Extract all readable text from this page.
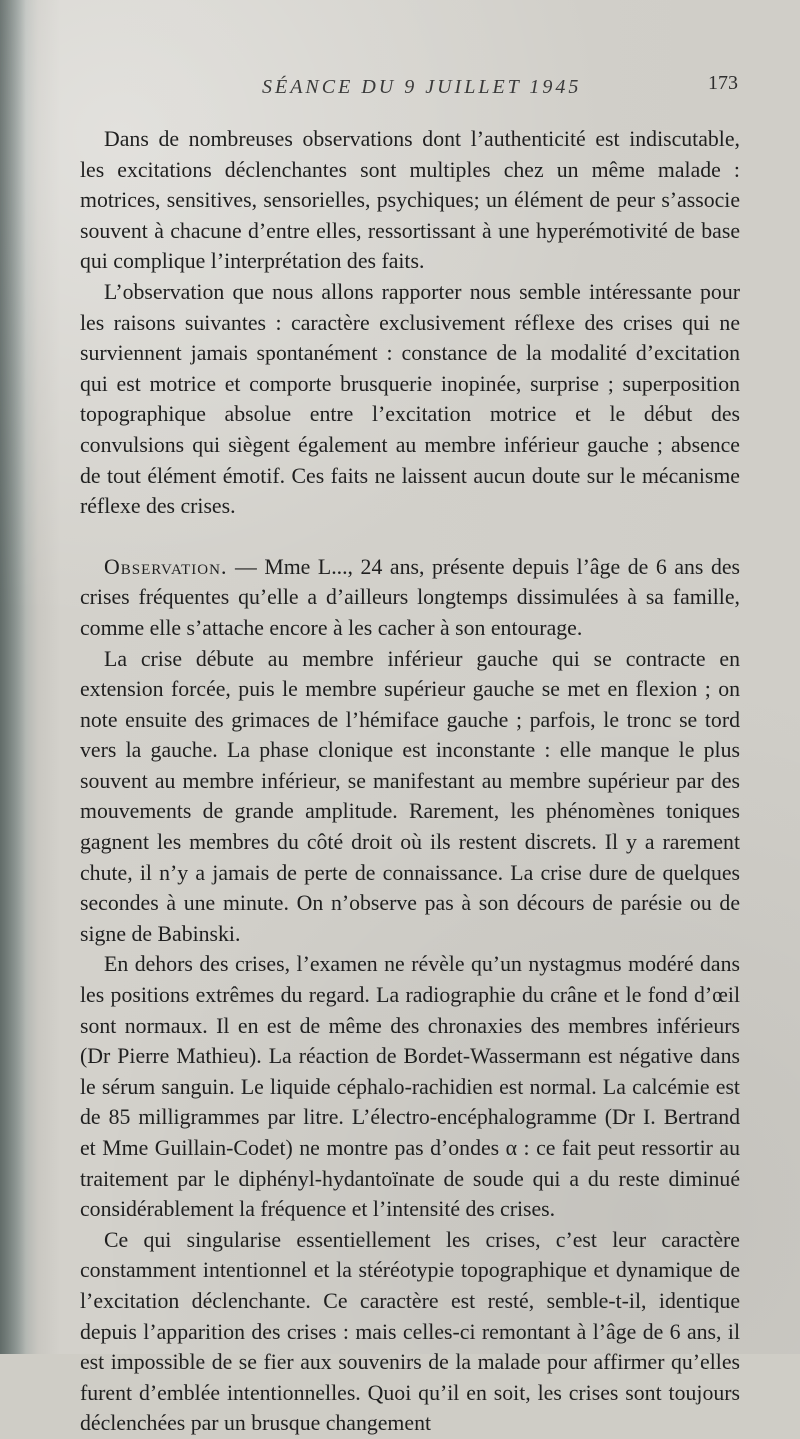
SÉANCE DU 9 JUILLET 1945	173

Dans de nombreuses observations dont l’authenticité est indiscutable, les excitations déclenchantes sont multiples chez un même malade : motrices, sensitives, sensorielles, psychiques; un élément de peur s’associe souvent à chacune d’entre elles, ressortissant à une hyperémotivité de base qui complique l’interprétation des faits.

L’observation que nous allons rapporter nous semble intéressante pour les raisons suivantes : caractère exclusivement réflexe des crises qui ne surviennent jamais spontanément : constance de la modalité d’excitation qui est motrice et comporte brusquerie inopinée, surprise ; superposition topographique absolue entre l’excitation motrice et le début des convulsions qui siègent également au membre inférieur gauche ; absence de tout élément émotif. Ces faits ne laissent aucun doute sur le mécanisme réflexe des crises.

Observation. — Mme L..., 24 ans, présente depuis l’âge de 6 ans des crises fréquentes qu’elle a d’ailleurs longtemps dissimulées à sa famille, comme elle s’attache encore à les cacher à son entourage.

La crise débute au membre inférieur gauche qui se contracte en extension forcée, puis le membre supérieur gauche se met en flexion ; on note ensuite des grimaces de l’hémiface gauche ; parfois, le tronc se tord vers la gauche. La phase clonique est inconstante : elle manque le plus souvent au membre inférieur, se manifestant au membre supérieur par des mouvements de grande amplitude. Rarement, les phénomènes toniques gagnent les membres du côté droit où ils restent discrets. Il y a rarement chute, il n’y a jamais de perte de connaissance. La crise dure de quelques secondes à une minute. On n’observe pas à son décours de parésie ou de signe de Babinski.

En dehors des crises, l’examen ne révèle qu’un nystagmus modéré dans les positions extrêmes du regard. La radiographie du crâne et le fond d’œil sont normaux. Il en est de même des chronaxies des membres inférieurs (Dr Pierre Mathieu). La réaction de Bordet-Wassermann est négative dans le sérum sanguin. Le liquide céphalo-rachidien est normal. La calcémie est de 85 milligrammes par litre. L’électro-encéphalogramme (Dr I. Bertrand et Mme Guillain-Codet) ne montre pas d’ondes α : ce fait peut ressortir au traitement par le diphényl-hydantoïnate de soude qui a du reste diminué considérablement la fréquence et l’intensité des crises.

Ce qui singularise essentiellement les crises, c’est leur caractère constamment intentionnel et la stéréotypie topographique et dynamique de l’excitation déclenchante. Ce caractère est resté, semble-t-il, identique depuis l’apparition des crises : mais celles-ci remontant à l’âge de 6 ans, il est impossible de se fier aux souvenirs de la malade pour affirmer qu’elles furent d’emblée intentionnelles. Quoi qu’il en soit, les crises sont toujours déclenchées par un brusque changement
